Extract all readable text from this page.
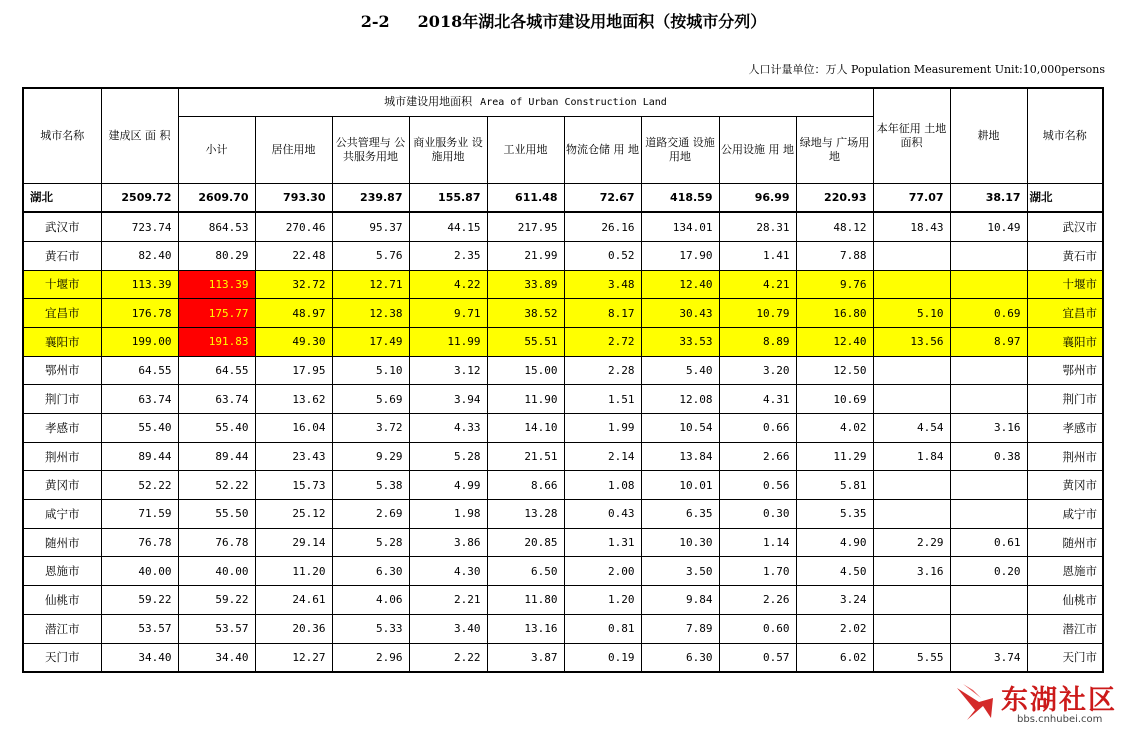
2-2 2018年湖北各城市建设用地面积（按城市分列）
人口计量单位：万人 Population Measurement Unit:10,000persons
城市名称	建成区 面 积	城市建设用地面积 Area of Urban Construction Land									本年征用 土地面积	耕地	城市名称
		小计	居住用地	公共管理与 公共服务用地	商业服务业 设施用地	工业用地	物流仓储 用 地	道路交通 设施用地	公用设施 用 地	绿地与 广场用地			
湖北	2509.72	2609.70	793.30	239.87	155.87	611.48	72.67	418.59	96.99	220.93	77.07	38.17	湖北
武汉市	723.74	864.53	270.46	95.37	44.15	217.95	26.16	134.01	28.31	48.12	18.43	10.49	武汉市
黄石市	82.40	80.29	22.48	5.76	2.35	21.99	0.52	17.90	1.41	7.88			黄石市
十堰市	113.39	113.39	32.72	12.71	4.22	33.89	3.48	12.40	4.21	9.76			十堰市
宜昌市	176.78	175.77	48.97	12.38	9.71	38.52	8.17	30.43	10.79	16.80	5.10	0.69	宜昌市
襄阳市	199.00	191.83	49.30	17.49	11.99	55.51	2.72	33.53	8.89	12.40	13.56	8.97	襄阳市
鄂州市	64.55	64.55	17.95	5.10	3.12	15.00	2.28	5.40	3.20	12.50			鄂州市
荆门市	63.74	63.74	13.62	5.69	3.94	11.90	1.51	12.08	4.31	10.69			荆门市
孝感市	55.40	55.40	16.04	3.72	4.33	14.10	1.99	10.54	0.66	4.02	4.54	3.16	孝感市
荆州市	89.44	89.44	23.43	9.29	5.28	21.51	2.14	13.84	2.66	11.29	1.84	0.38	荆州市
黄冈市	52.22	52.22	15.73	5.38	4.99	8.66	1.08	10.01	0.56	5.81			黄冈市
咸宁市	71.59	55.50	25.12	2.69	1.98	13.28	0.43	6.35	0.30	5.35			咸宁市
随州市	76.78	76.78	29.14	5.28	3.86	20.85	1.31	10.30	1.14	4.90	2.29	0.61	随州市
恩施市	40.00	40.00	11.20	6.30	4.30	6.50	2.00	3.50	1.70	4.50	3.16	0.20	恩施市
仙桃市	59.22	59.22	24.61	4.06	2.21	11.80	1.20	9.84	2.26	3.24			仙桃市
潜江市	53.57	53.57	20.36	5.33	3.40	13.16	0.81	7.89	0.60	2.02			潜江市
天门市	34.40	34.40	12.27	2.96	2.22	3.87	0.19	6.30	0.57	6.02	5.55	3.74	天门市
东湖社区
bbs.cnhubei.com
